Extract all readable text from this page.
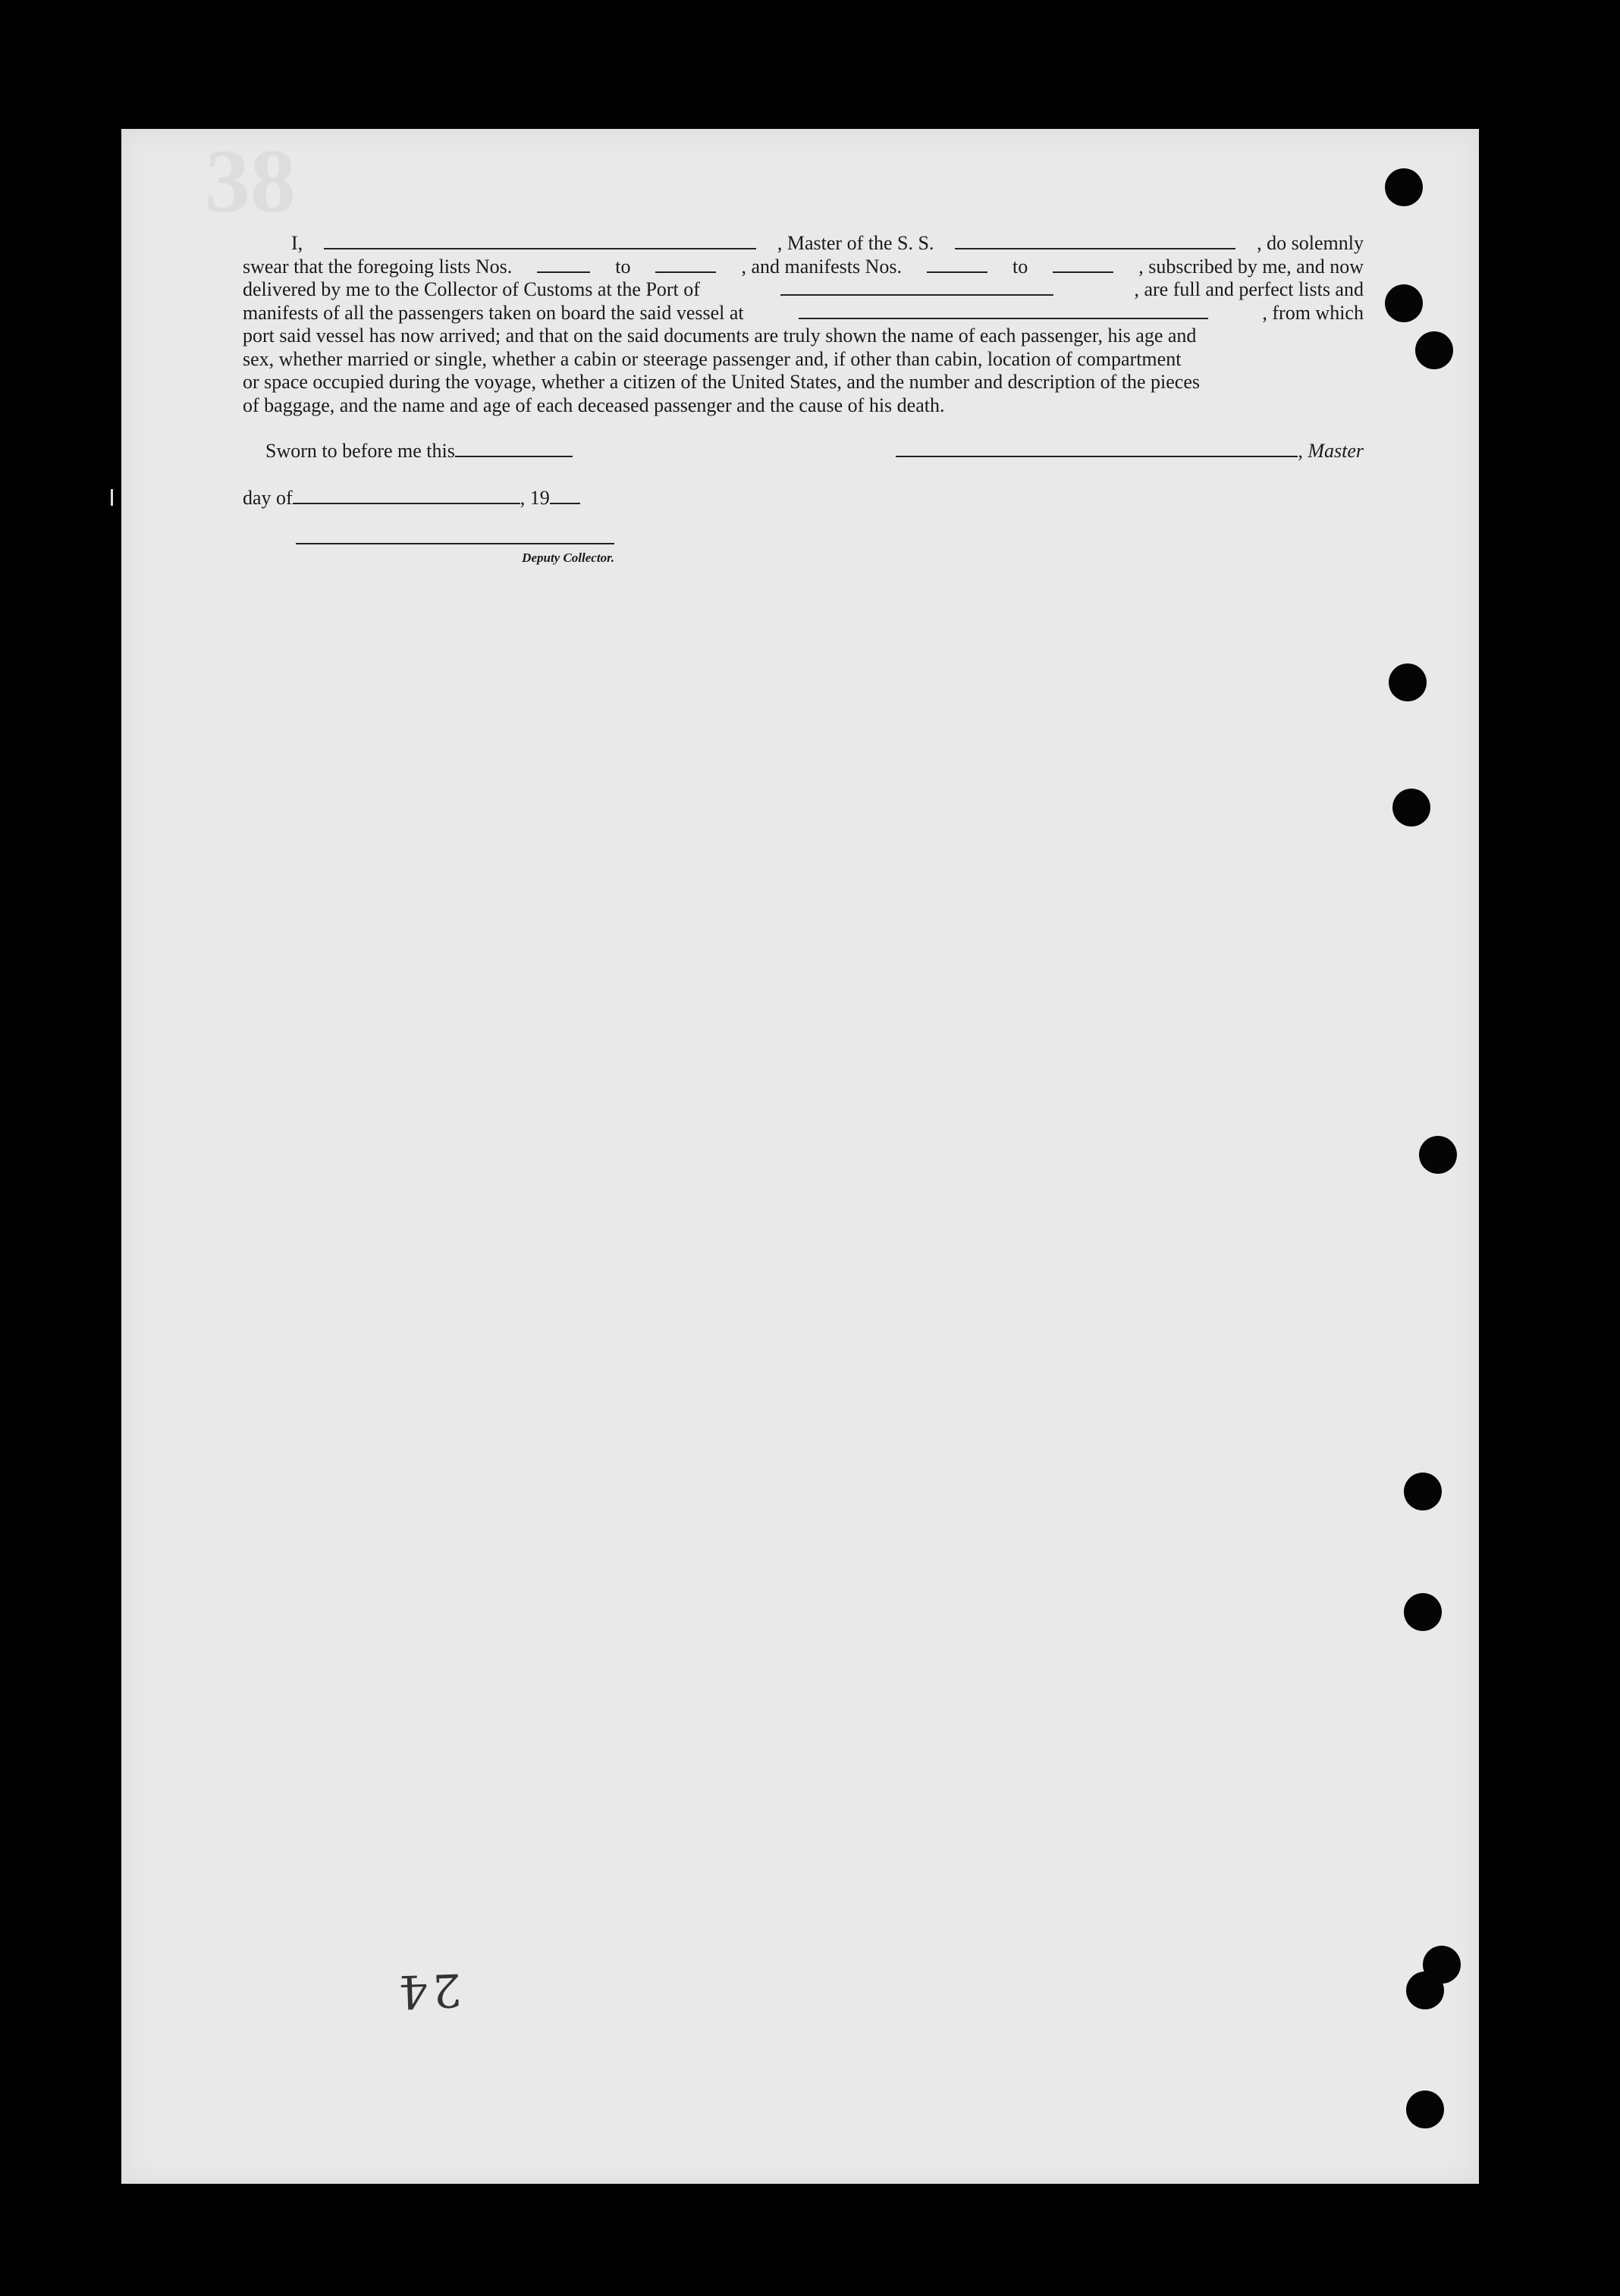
38
I,	, Master of the S. S.	, do solemnly
swear that the foregoing lists Nos.	to	, and manifests Nos.	to	, subscribed by me, and now
delivered by me to the Collector of Customs at the Port of	, are full and perfect lists and
manifests of all the passengers taken on board the said vessel at	, from which
port said vessel has now arrived; and that on the said documents are truly shown the name of each passenger, his age and
sex, whether married or single, whether a cabin or steerage passenger and, if other than cabin, location of compartment
or space occupied during the voyage, whether a citizen of the United States, and the number and description of the pieces
of baggage, and the name and age of each deceased passenger and the cause of his death.
Sworn to before me this	, Master
day of	, 19
Deputy Collector.
24
